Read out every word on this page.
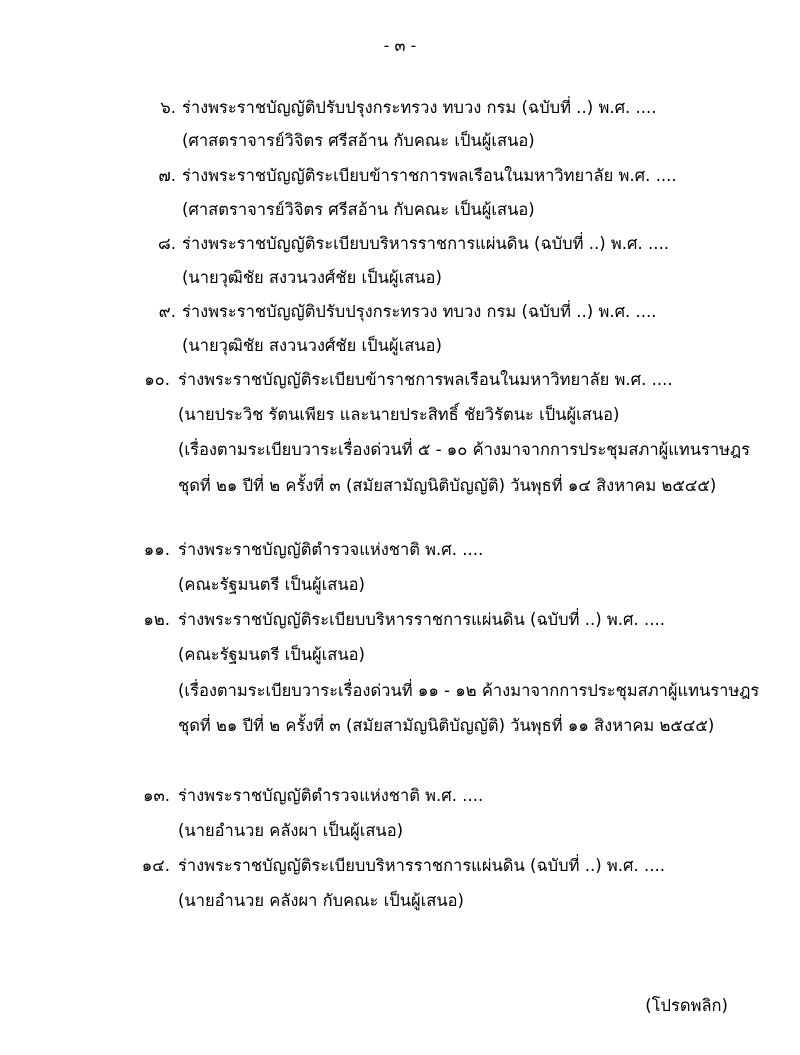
- ๓ -
๖. ร่างพระราชบัญญัติปรับปรุงกระทรวง ทบวง กรม (ฉบับที่ ..) พ.ศ. ....
(ศาสตราจารย์วิจิตร ศรีสอ้าน กับคณะ เป็นผู้เสนอ)
๗. ร่างพระราชบัญญัติระเบียบข้าราชการพลเรือนในมหาวิทยาลัย พ.ศ. ....
(ศาสตราจารย์วิจิตร ศรีสอ้าน กับคณะ เป็นผู้เสนอ)
๘. ร่างพระราชบัญญัติระเบียบบริหารราชการแผ่นดิน (ฉบับที่ ..) พ.ศ. ....
(นายวุฒิชัย สงวนวงศ์ชัย เป็นผู้เสนอ)
๙. ร่างพระราชบัญญัติปรับปรุงกระทรวง ทบวง กรม (ฉบับที่ ..) พ.ศ. ....
(นายวุฒิชัย สงวนวงศ์ชัย เป็นผู้เสนอ)
๑๐. ร่างพระราชบัญญัติระเบียบข้าราชการพลเรือนในมหาวิทยาลัย พ.ศ. ....
(นายประวิช รัตนเพียร และนายประสิทธิ์ ชัยวิรัตนะ เป็นผู้เสนอ)
(เรื่องตามระเบียบวาระเรื่องด่วนที่ ๕ - ๑๐ ค้างมาจากการประชุมสภาผู้แทนราษฎร
ชุดที่ ๒๑ ปีที่ ๒ ครั้งที่ ๓ (สมัยสามัญนิติบัญญัติ) วันพุธที่ ๑๔ สิงหาคม ๒๕๔๕)
๑๑. ร่างพระราชบัญญัติตำรวจแห่งชาติ พ.ศ. ....
(คณะรัฐมนตรี เป็นผู้เสนอ)
๑๒. ร่างพระราชบัญญัติระเบียบบริหารราชการแผ่นดิน (ฉบับที่ ..) พ.ศ. ....
(คณะรัฐมนตรี เป็นผู้เสนอ)
(เรื่องตามระเบียบวาระเรื่องด่วนที่ ๑๑ - ๑๒ ค้างมาจากการประชุมสภาผู้แทนราษฎร
ชุดที่ ๒๑ ปีที่ ๒ ครั้งที่ ๓ (สมัยสามัญนิติบัญญัติ) วันพุธที่ ๑๑ สิงหาคม ๒๕๔๕)
๑๓. ร่างพระราชบัญญัติตำรวจแห่งชาติ พ.ศ. ....
(นายอำนวย คลังผา เป็นผู้เสนอ)
๑๔. ร่างพระราชบัญญัติระเบียบบริหารราชการแผ่นดิน (ฉบับที่ ..) พ.ศ. ....
(นายอำนวย คลังผา กับคณะ เป็นผู้เสนอ)
(โปรดพลิก)
